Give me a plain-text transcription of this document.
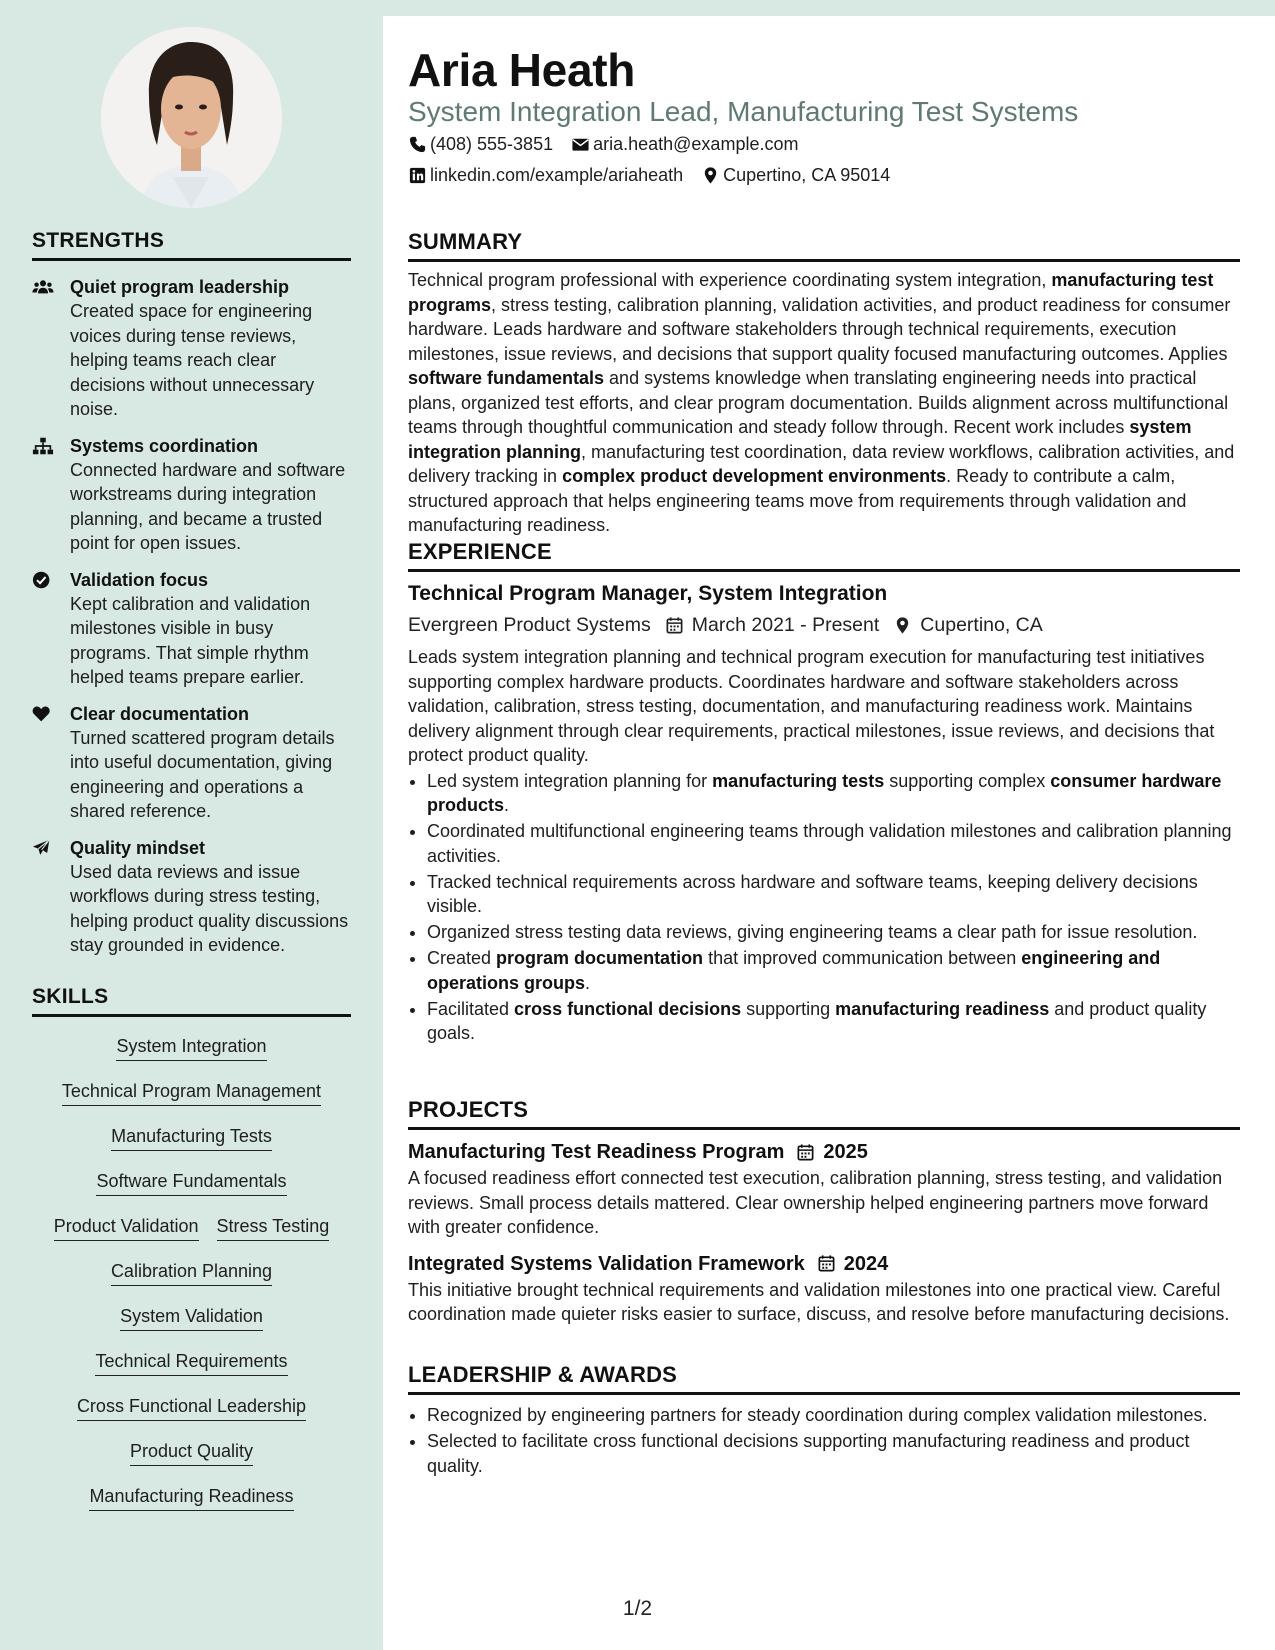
STRENGTHS
Quiet program leadership
Created space for engineering voices during tense reviews, helping teams reach clear decisions without unnecessary noise.
Systems coordination
Connected hardware and software workstreams during integration planning, and became a trusted point for open issues.
Validation focus
Kept calibration and validation milestones visible in busy programs. That simple rhythm helped teams prepare earlier.
Clear documentation
Turned scattered program details into useful documentation, giving engineering and operations a shared reference.
Quality mindset
Used data reviews and issue workflows during stress testing, helping product quality discussions stay grounded in evidence.
SKILLS
System Integration
Technical Program Management
Manufacturing Tests
Software Fundamentals
Product Validation Stress Testing
Calibration Planning
System Validation
Technical Requirements
Cross Functional Leadership
Product Quality
Manufacturing Readiness
Aria Heath
System Integration Lead, Manufacturing Test Systems
(408) 555-3851 aria.heath@example.com
linkedin.com/example/ariaheath Cupertino, CA 95014
SUMMARY

Technical program professional with experience coordinating system integration, manufacturing test programs, stress testing, calibration planning, validation activities, and product readiness for consumer hardware. Leads hardware and software stakeholders through technical requirements, execution milestones, issue reviews, and decisions that support quality focused manufacturing outcomes. Applies software fundamentals and systems knowledge when translating engineering needs into practical plans, organized test efforts, and clear program documentation. Builds alignment across multifunctional teams through thoughtful communication and steady follow through. Recent work includes system integration planning, manufacturing test coordination, data review workflows, calibration activities, and delivery tracking in complex product development environments. Ready to contribute a calm, structured approach that helps engineering teams move from requirements through validation and manufacturing readiness.

EXPERIENCE
Technical Program Manager, System Integration
Evergreen Product Systems March 2021 - Present Cupertino, CA

Leads system integration planning and technical program execution for manufacturing test initiatives supporting complex hardware products. Coordinates hardware and software stakeholders across validation, calibration, stress testing, documentation, and manufacturing readiness work. Maintains delivery alignment through clear requirements, practical milestones, issue reviews, and decisions that protect product quality.

• Led system integration planning for manufacturing tests supporting complex consumer hardware products.
• Coordinated multifunctional engineering teams through validation milestones and calibration planning activities.
• Tracked technical requirements across hardware and software teams, keeping delivery decisions visible.
• Organized stress testing data reviews, giving engineering teams a clear path for issue resolution.
• Created program documentation that improved communication between engineering and operations groups.
• Facilitated cross functional decisions supporting manufacturing readiness and product quality goals.
PROJECTS
Manufacturing Test Readiness Program 2025

A focused readiness effort connected test execution, calibration planning, stress testing, and validation reviews. Small process details mattered. Clear ownership helped engineering partners move forward with greater confidence.

Integrated Systems Validation Framework 2024

This initiative brought technical requirements and validation milestones into one practical view. Careful coordination made quieter risks easier to surface, discuss, and resolve before manufacturing decisions.

LEADERSHIP & AWARDS
• Recognized by engineering partners for steady coordination during complex validation milestones.
• Selected to facilitate cross functional decisions supporting manufacturing readiness and product quality.
1/2
